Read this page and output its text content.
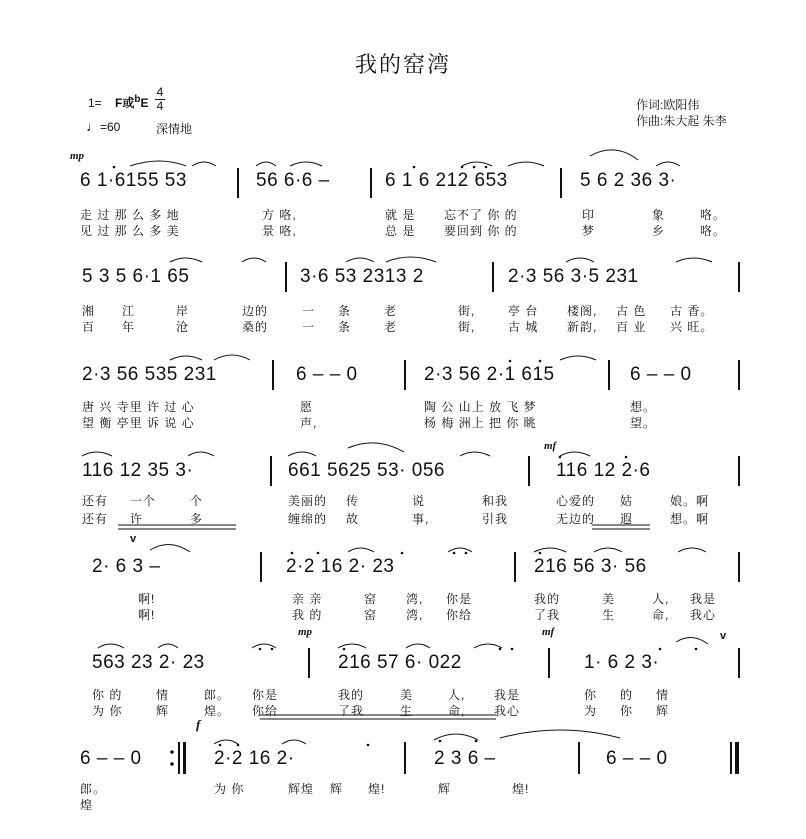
我的窑湾
1= F或$^b$E
4
4
♩=60	深情地
作词:欧阳伟
作曲:朱大起 朱李
mp
mf
mp	mf
f
v
v
6 1·6155 53	56 6·6 –	6 1 6 212 653	5 6 2 36 3·
走 过 那 么 多 地	方 咯,	就 是 忘不了 你 的	印	象	咯。
见 过 那 么 多 美	景 咯,	总 是 要回到 你 的	梦	乡	咯。
5 3 5 6·1 65	3·6 53 2313 2	2·3 56 3·5 231
湘 江	岸	边的	一 条	老	街,	亭 台 楼阁, 古 色 古 香。
百 年	沧	桑的	一 条	老	街,	古 城 新韵, 百 业 兴 旺。
2·3 56 535 231	6 – – 0	2·3 56 2·1 615	6 – – 0
唐 兴 寺里 许 过 心	愿	陶 公 山上 放 飞 梦	想。
望 衡 亭里 诉 说 心	声,	杨 梅 洲上 把 你 眺	望。
116 12 35 3·	661 5625 53· 056	116 12 2·6
还有 一个	个	美丽的 传	说	和我	心爱的 姑	娘。啊
还有 许	多	缠绵的 故	事,	引我	无边的 遐	想。啊
2· 6 3 –	2·2 16 2· 23	216 56 3· 56
啊!	亲 亲	窑 湾, 你是	我的	美	人, 我是
啊!	我 的	窑 湾, 你给	了我	生	命, 我心
563 23 2· 23	216 57 6· 022	1· 6 2 3·
你 的	情	郎。 你是	我的	美	人, 我是	你 的 情
为 你	辉	煌。 你给	了我	生	命, 我心	为 你 辉
6 – – 0	2·2 16 2·	2 3 6 –	6 – – 0
郎。	为 你	辉煌 辉 煌!	辉	煌!
煌
